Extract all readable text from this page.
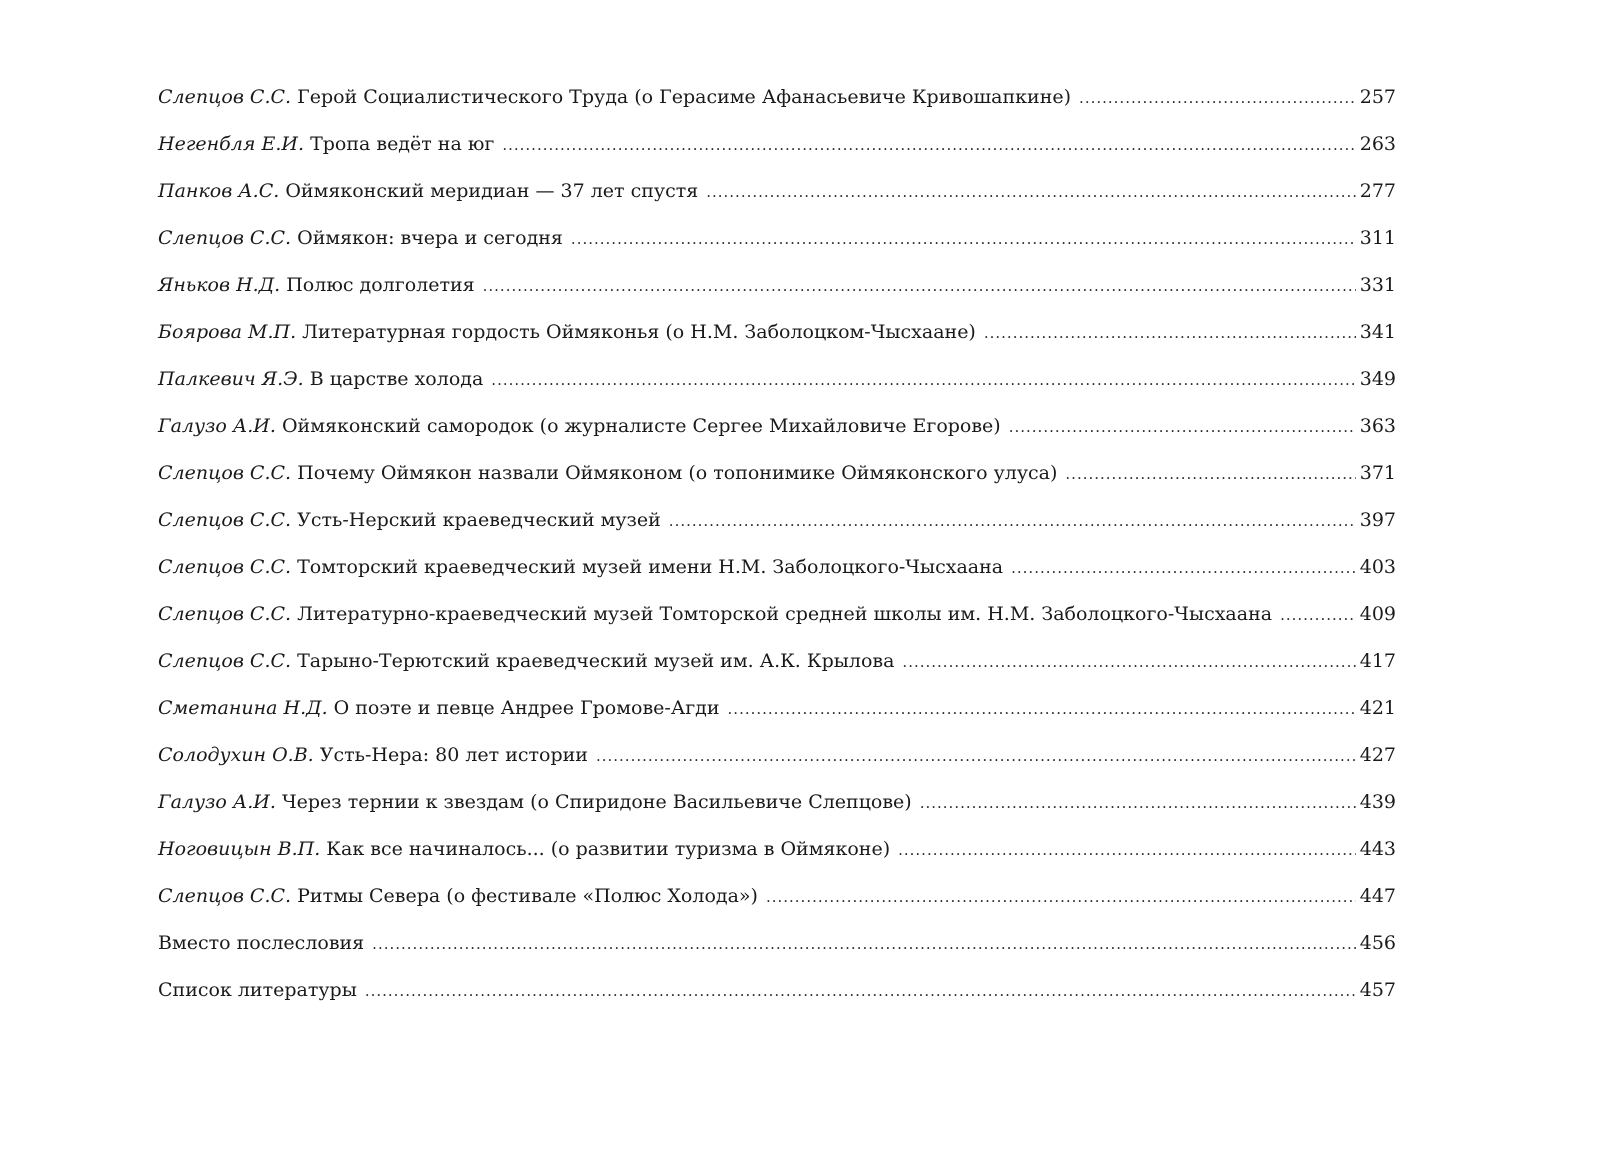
Слепцов С.С. Герой Социалистического Труда (о Герасиме Афанасьевиче Кривошапкине) .....	257
Негенбля Е.И. Тропа ведёт на юг .....	263
Панков А.С. Оймяконский меридиан — 37 лет спустя .....	277
Слепцов С.С. Оймякон: вчера и сегодня .....	311
Яньков Н.Д. Полюс долголетия .....	331
Боярова М.П. Литературная гордость Оймяконья (о Н.М. Заболоцком-Чысхаане) .....	341
Палкевич Я.Э. В царстве холода .....	349
Галузо А.И. Оймяконский самородок (о журналисте Сергее Михайловиче Егорове) .....	363
Слепцов С.С. Почему Оймякон назвали Оймяконом (о топонимике Оймяконского улуса) .....	371
Слепцов С.С. Усть-Нерский краеведческий музей .....	397
Слепцов С.С. Томторский краеведческий музей имени Н.М. Заболоцкого-Чысхаана .....	403
Слепцов С.С. Литературно-краеведческий музей Томторской средней школы им. Н.М. Заболоцкого-Чысхаана .....	409
Слепцов С.С. Тарыно-Терютский краеведческий музей им. А.К. Крылова .....	417
Сметанина Н.Д. О поэте и певце Андрее Громове-Агди .....	421
Солодухин О.В. Усть-Нера: 80 лет истории .....	427
Галузо А.И. Через тернии к звездам (о Спиридоне Васильевиче Слепцове) .....	439
Ноговицын В.П. Как все начиналось... (о развитии туризма в Оймяконе) .....	443
Слепцов С.С. Ритмы Севера (о фестивале «Полюс Холода») .....	447
Вместо послесловия .....	456
Список литературы .....	457
